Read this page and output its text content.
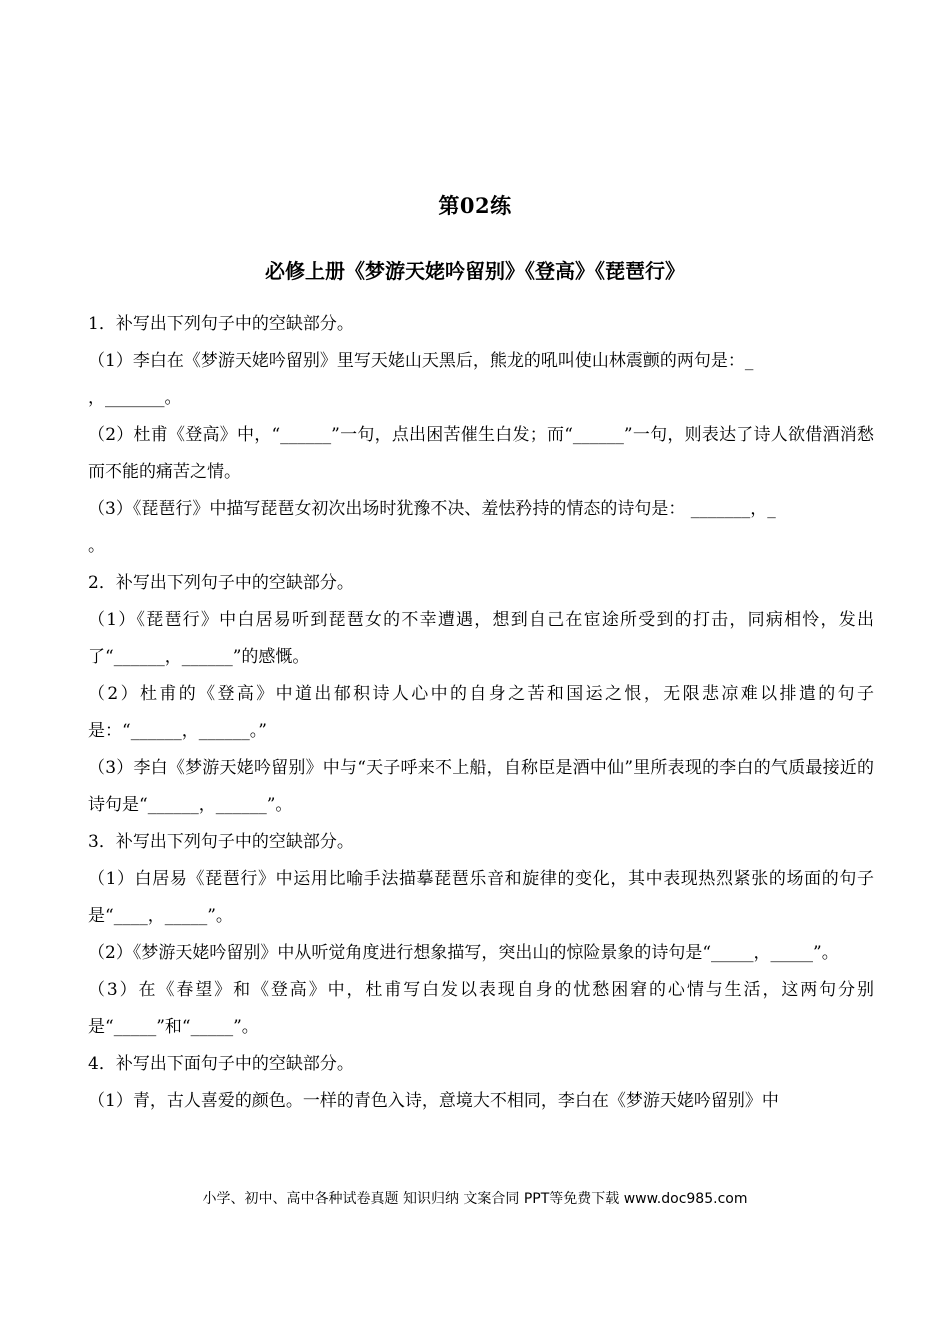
第02练
必修上册《梦游天姥吟留别》《登高》《琵琶行》

1．补写出下列句子中的空缺部分。

（1）李白在《梦游天姥吟留别》里写天姥山天黑后，熊龙的吼叫使山林震颤的两句是：_
，_______。

（2）杜甫《登高》中，“______”一句，点出困苦催生白发；而“______”一句，则表达了诗人欲借酒消愁而不能的痛苦之情。

（3）《琵琶行》中描写琵琶女初次出场时犹豫不决、羞怯矜持的情态的诗句是： _______，_
。

2．补写出下列句子中的空缺部分。

（1）《琵琶行》中白居易听到琵琶女的不幸遭遇，想到自己在宦途所受到的打击，同病相怜，发出了“______，______”的感慨。

（2）杜甫的《登高》中道出郁积诗人心中的自身之苦和国运之恨，无限悲凉难以排遣的句子是：“______，______。”

（3）李白《梦游天姥吟留别》中与“天子呼来不上船，自称臣是酒中仙”里所表现的李白的气质最接近的诗句是“______，______”。

3．补写出下列句子中的空缺部分。

（1）白居易《琵琶行》中运用比喻手法描摹琵琶乐音和旋律的变化，其中表现热烈紧张的场面的句子是“____，_____”。

（2）《梦游天姥吟留别》中从听觉角度进行想象描写，突出山的惊险景象的诗句是“_____，_____”。

（3）在《春望》和《登高》中，杜甫写白发以表现自身的忧愁困窘的心情与生活，这两句分别是“_____”和“_____”。

4．补写出下面句子中的空缺部分。

（1）青，古人喜爱的颜色。一样的青色入诗，意境大不相同，李白在《梦游天姥吟留别》中

小学、初中、高中各种试卷真题 知识归纳 文案合同 PPT等免费下载 www.doc985.com
